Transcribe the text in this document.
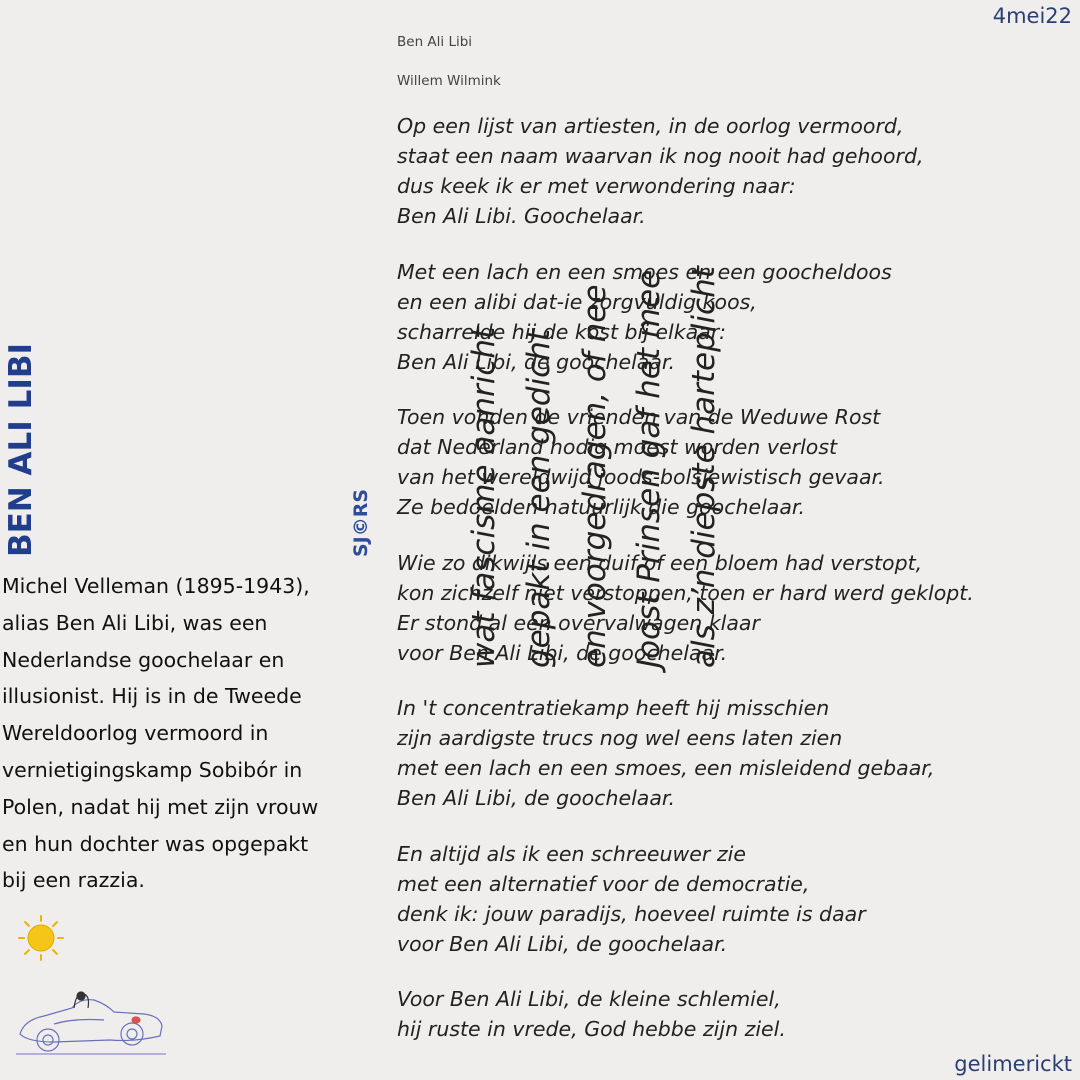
4mei22
BEN ALI LIBI	wat fascisme aanricht gepakt in een gedicht en voorgedragen, of nee Joost Prinsen gaf het mee als z’n diepste harteplicht
SJ©RS
Michel Velleman (1895-1943),
alias Ben Ali Libi, was een
Nederlandse goochelaar en
illusionist. Hij is in de Tweede
Wereldoorlog vermoord in
vernietigingskamp Sobibór in
Polen, nadat hij met zijn vrouw
en hun dochter was opgepakt
bij een razzia.
Ben Ali Libi
Willem Wilmink
Op een lijst van artiesten, in de oorlog vermoord,
staat een naam waarvan ik nog nooit had gehoord,
dus keek ik er met verwondering naar:
Ben Ali Libi. Goochelaar.
Met een lach en een smoes en een goocheldoos
en een alibi dat-ie zorgvuldig koos,
scharrelde hij de kost bij elkaar:
Ben Ali Libi, de goochelaar.
Toen vonden de vrienden van de Weduwe Rost
dat Nederland nodig moest worden verlost
van het wereldwijd joods-bolsjewistisch gevaar.
Ze bedoelden natuurlijk die goochelaar.
Wie zo dikwijls een duif of een bloem had verstopt,
kon zichzelf niet verstoppen, toen er hard werd geklopt.
Er stond al een overvalwagen klaar
voor Ben Ali Libi, de goochelaar.
In 't concentratiekamp heeft hij misschien
zijn aardigste trucs nog wel eens laten zien
met een lach en een smoes, een misleidend gebaar,
Ben Ali Libi, de goochelaar.
En altijd als ik een schreeuwer zie
met een alternatief voor de democratie,
denk ik: jouw paradijs, hoeveel ruimte is daar
voor Ben Ali Libi, de goochelaar.
Voor Ben Ali Libi, de kleine schlemiel,
hij ruste in vrede, God hebbe zijn ziel.
gelimerickt
